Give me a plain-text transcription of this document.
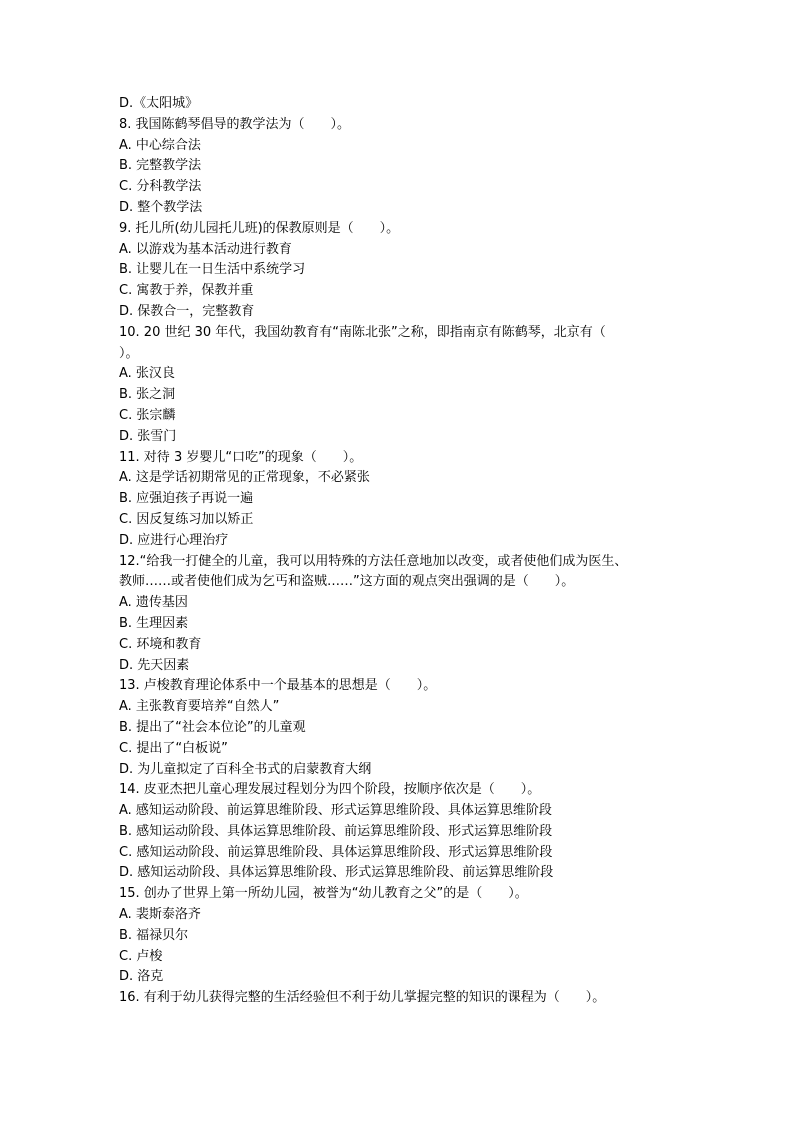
D.《太阳城》
8. 我国陈鹤琴倡导的教学法为（　　）。
A. 中心综合法
B. 完整教学法
C. 分科教学法
D. 整个教学法
9. 托儿所(幼儿园托儿班)的保教原则是（　　）。
A. 以游戏为基本活动进行教育
B. 让婴儿在一日生活中系统学习
C. 寓教于养，保教并重
D. 保教合一，完整教育
10. 20 世纪 30 年代，我国幼教育有“南陈北张”之称，即指南京有陈鹤琴，北京有（
）。
A. 张汉良
B. 张之洞
C. 张宗麟
D. 张雪门
11. 对待 3 岁婴儿“口吃”的现象（　　）。
A. 这是学话初期常见的正常现象，不必紧张
B. 应强迫孩子再说一遍
C. 因反复练习加以矫正
D. 应进行心理治疗
12.“给我一打健全的儿童，我可以用特殊的方法任意地加以改变，或者使他们成为医生、
教师……或者使他们成为乞丐和盗贼……”这方面的观点突出强调的是（　　）。
A. 遗传基因
B. 生理因素
C. 环境和教育
D. 先天因素
13. 卢梭教育理论体系中一个最基本的思想是（　　）。
A. 主张教育要培养“自然人”
B. 提出了“社会本位论”的儿童观
C. 提出了“白板说”
D. 为儿童拟定了百科全书式的启蒙教育大纲
14. 皮亚杰把儿童心理发展过程划分为四个阶段，按顺序依次是（　　）。
A. 感知运动阶段、前运算思维阶段、形式运算思维阶段、具体运算思维阶段
B. 感知运动阶段、具体运算思维阶段、前运算思维阶段、形式运算思维阶段
C. 感知运动阶段、前运算思维阶段、具体运算思维阶段、形式运算思维阶段
D. 感知运动阶段、具体运算思维阶段、形式运算思维阶段、前运算思维阶段
15. 创办了世界上第一所幼儿园，被誉为“幼儿教育之父”的是（　　）。
A. 裴斯泰洛齐
B. 福禄贝尔
C. 卢梭
D. 洛克
16. 有利于幼儿获得完整的生活经验但不利于幼儿掌握完整的知识的课程为（　　）。
